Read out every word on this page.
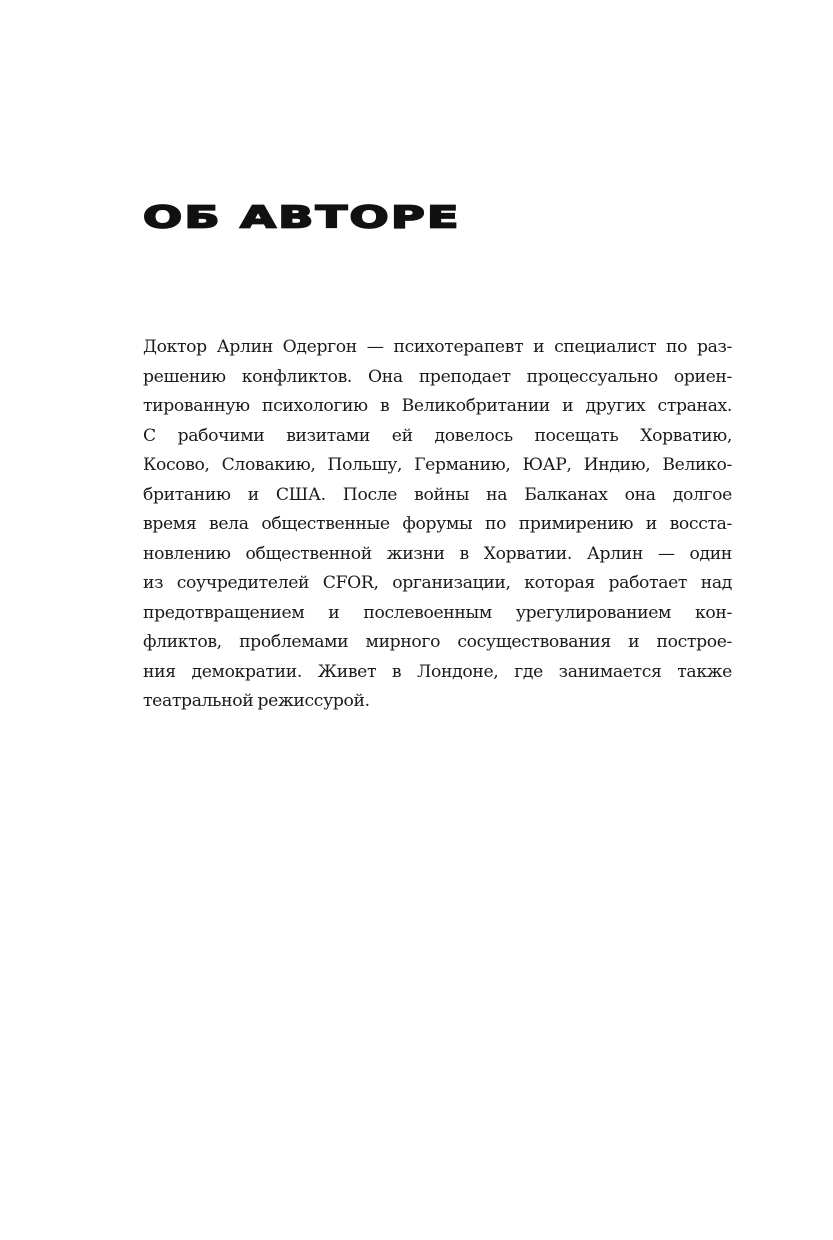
ОБ АВТОРЕ
Доктор Арлин Одергон — психотерапевт и специалист по раз-
решению конфликтов. Она преподает процессуально ориен-
тированную психологию в Великобритании и других странах.
С рабочими визитами ей довелось посещать Хорватию,
Косово, Словакию, Польшу, Германию, ЮАР, Индию, Велико-
британию и США. После войны на Балканах она долгое
время вела общественные форумы по примирению и восста-
новлению общественной жизни в Хорватии. Арлин — один
из соучредителей CFOR, организации, которая работает над
предотвращением и послевоенным урегулированием кон-
фликтов, проблемами мирного сосуществования и построе-
ния демократии. Живет в Лондоне, где занимается также
театральной режиссурой.
